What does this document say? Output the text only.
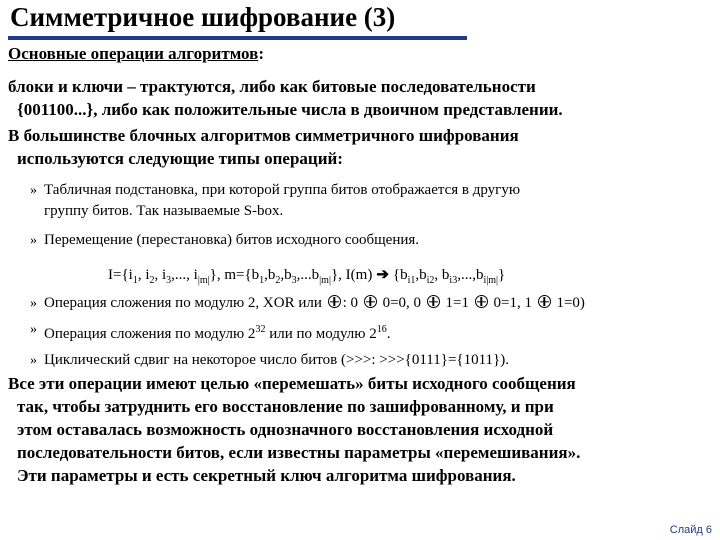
Симметричное шифрование (3)
Основные операции алгоритмов:
блоки и ключи – трактуются, либо как битовые последовательности
{001100...}, либо как положительные числа в двоичном представлении.
В большинстве блочных алгоритмов симметричного шифрования
используются следующие типы операций:
» Табличная подстановка, при которой группа битов отображается в другую
группу битов. Так называемые S-box.
» Перемещение (перестановка) битов исходного сообщения.
$I=\{i_1$, $i_2$, $i_3$,..., $i_{|m|}$}, $m=\{b_1,b_2,b_3,...b_{|m|}\}$, I(m) ➔ {$b_{i1},b_{i2}$, $b_{i3},...,b_{i|m|}$}
» Операция сложения по модулю 2, XOR или : 0 0=0, 0 1=1 0=1, 1 1=0)
» Операция сложения по модулю $2^{32}$ или по модулю $2^{16}$.
» Циклический сдвиг на некоторое число битов (>>>: >>>{0111}={1011}).
Все эти операции имеют целью «перемешать» биты исходного сообщения
так, чтобы затруднить его восстановление по зашифрованному, и при
этом оставалась возможность однозначного восстановления исходной
последовательности битов, если известны параметры «перемешивания».
Эти параметры и есть секретный ключ алгоритма шифрования.
Слайд 6
